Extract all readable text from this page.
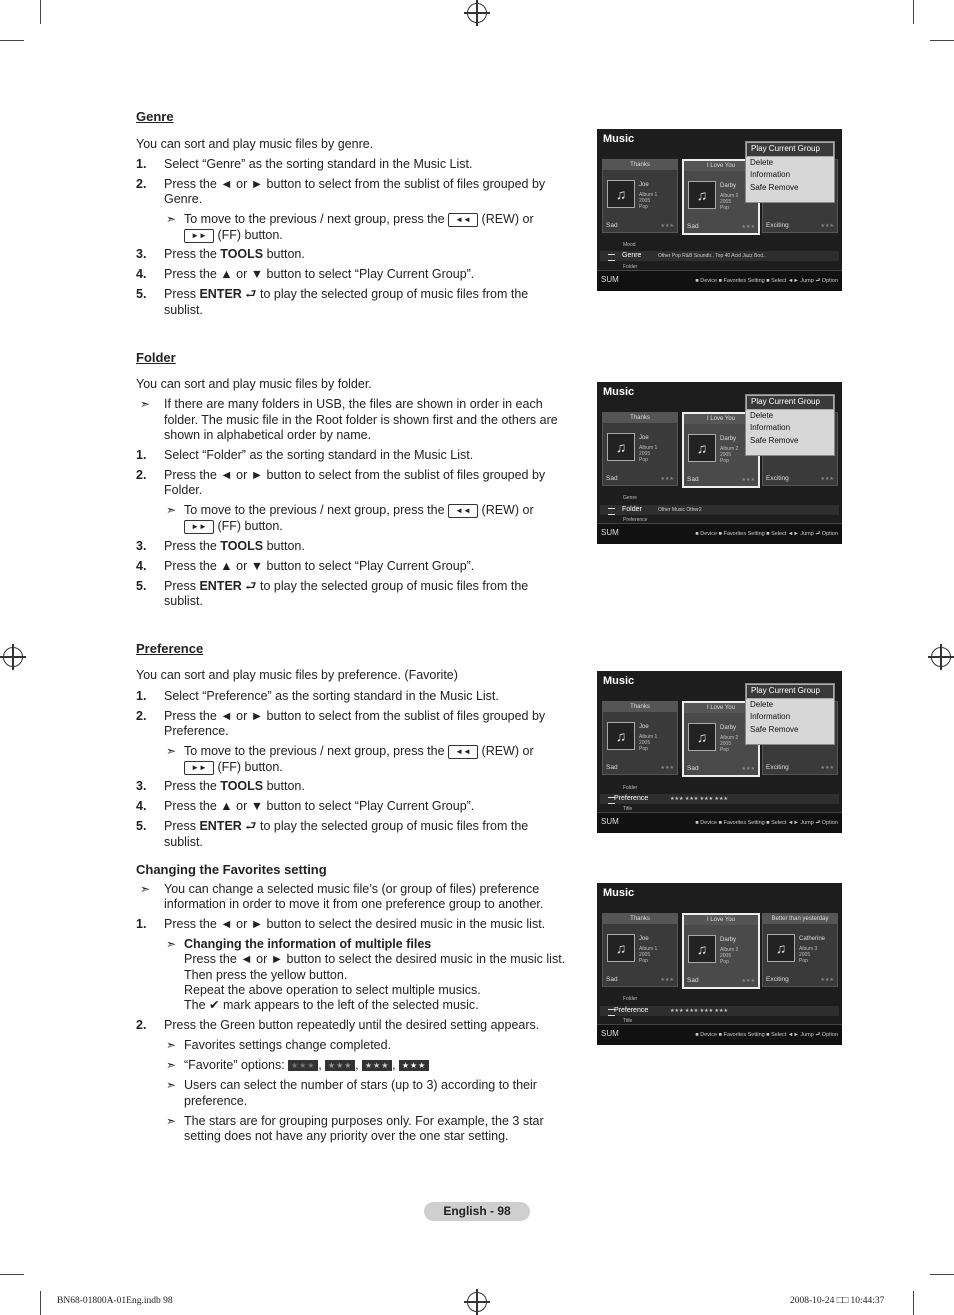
Genre
You can sort and play music files by genre.
1. Select “Genre” as the sorting standard in the Music List.
2. Press the ◄ or ► button to select from the sublist of files grouped by
Genre.
➣ To move to the previous / next group, press the ◄◄ (REW) or
►► (FF) button.
3. Press the TOOLS button.
4. Press the ▲ or ▼ button to select “Play Current Group”.
5. Press ENTER ⮐ to play the selected group of music files from the
sublist.
Music
Thanks
♫
Joe
Album 1
2005
Pop
Sad	★★★
I Love You
♫
Darby
Album 2
2005
Pop
Sad	★★★ Exciting	★★★
Play Current Group
Delete
Information
Safe Remove
Mood
Genre	Other Pop R&B Soundtr.. Top 40 Acid Jazz Bod..
Folder
SUM	■ Device ■ Favorites Setting ■ Select ◄► Jump ⮐ Option
Folder
You can sort and play music files by folder.
➣ If there are many folders in USB, the files are shown in order in each
folder. The music file in the Root folder is shown first and the others are
shown in alphabetical order by name.
1. Select “Folder” as the sorting standard in the Music List.
2. Press the ◄ or ► button to select from the sublist of files grouped by
Folder.
➣ To move to the previous / next group, press the ◄◄ (REW) or
►► (FF) button.
3. Press the TOOLS button.
4. Press the ▲ or ▼ button to select “Play Current Group”.
5. Press ENTER ⮐ to play the selected group of music files from the
sublist.
Music
Thanks
♫
Joe
Album 1
2005
Pop
Sad	★★★
I Love You
♫
Darby
Album 2
2005
Pop
Sad	★★★ Exciting	★★★
Play Current Group
Delete
Information
Safe Remove
Genre
Folder	Other Music Other2
Preference
SUM	■ Device ■ Favorites Setting ■ Select ◄► Jump ⮐ Option
Preference
You can sort and play music files by preference. (Favorite)
1. Select “Preference” as the sorting standard in the Music List.
2. Press the ◄ or ► button to select from the sublist of files grouped by
Preference.
➣ To move to the previous / next group, press the ◄◄ (REW) or
►► (FF) button.
3. Press the TOOLS button.
4. Press the ▲ or ▼ button to select “Play Current Group”.
5. Press ENTER ⮐ to play the selected group of music files from the
sublist.
Music
Thanks
♫
Joe
Album 1
2005
Pop
Sad	★★★
I Love You
♫
Darby
Album 2
2005
Pop
Sad	★★★ Exciting	★★★
Play Current Group
Delete
Information
Safe Remove
Folder
Preference	★★★ ★★★ ★★★ ★★★
Title
SUM	■ Device ■ Favorites Setting ■ Select ◄► Jump ⮐ Option
Changing the Favorites setting
➣ You can change a selected music file’s (or group of files) preference
information in order to move it from one preference group to another.
1. Press the ◄ or ► button to select the desired music in the music list.
➣ Changing the information of multiple files
Press the ◄ or ► button to select the desired music in the music list.
Then press the yellow button.
Repeat the above operation to select multiple musics.
The ✔ mark appears to the left of the selected music.
2. Press the Green button repeatedly until the desired setting appears.
➣ Favorites settings change completed.
➣ “Favorite” options: ★★★ , ★★★ , ★★★ , ★★★
➣ Users can select the number of stars (up to 3) according to their
preference.
➣ The stars are for grouping purposes only. For example, the 3 star
setting does not have any priority over the one star setting.
Music
Thanks
♫
Joe
Album 1
2005
Pop
Sad	★★★
I Love You
♫
Darby
Album 2
2005
Pop
Sad	★★★
Better than yesterday
♫
Catherine
Album 3
2005
Pop
Exciting	★★★
Folder
Preference	★★★ ★★★ ★★★ ★★★
Title
SUM	■ Device ■ Favorites Setting ■ Select ◄► Jump ⮐ Option
English - 98
BN68-01800A-01Eng.indb 98	2008-10-24 □□ 10:44:37
